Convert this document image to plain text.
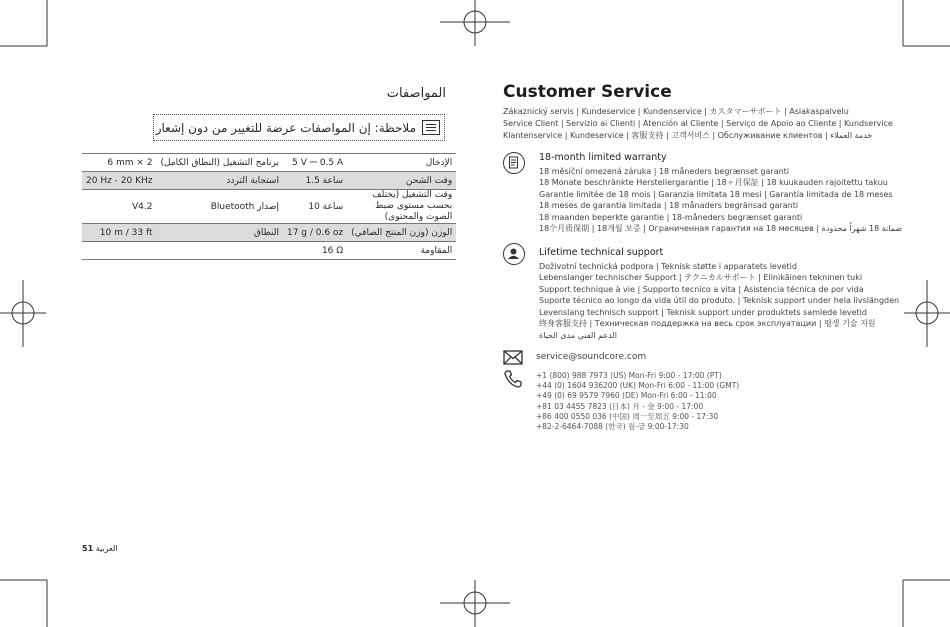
المواصفات
ملاحظة: إن المواصفات عرضة للتغيير من دون إشعار
6 mm × 2	برنامج التشغيل (النطاق الكامل)	5 V ⎓ 0.5 A	الإدخال
20 Hz - 20 KHz	استجابة التردد	1.5 ساعة	وقت الشحن
V4.2	إصدار Bluetooth	10 ساعة	وقت التشغيل (يختلف بحسب مستوى ضبط الصوت والمحتوى)
10 m / 33 ft	النطاق	17 g / 0.6 oz	الوزن (وزن المنتج الصافي)
		16 Ω	المقاومة
51 العربية
Customer Service
Zákaznický servis | Kundeservice | Kundenservice | カスタマーサポート | Asiakaspalvelu
Service Client | Servizio ai Clienti | Atención al Cliente | Serviço de Apoio ao Cliente | Kundservice
Klantenservice | Kundeservice | 客服支持 | 고객서비스 | Обслуживание клиентов | خدمة العملاء
18-month limited warranty
18 měsíční omezená záruka | 18 måneders begrænset garanti
18 Monate beschränkte Herstellergarantie | 18ヶ月保証 | 18 kuukauden rajoitettu takuu
Garantie limitée de 18 mois | Garanzia limitata 18 mesi | Garantía limitada de 18 meses
18 meses de garantia limitada | 18 månaders begränsad garanti
18 maanden beperkte garantie | 18-måneders begrænset garanti
18个月质保期 | 18개월 보증 | Ограниченная гарантия на 18 месяцев | ضمانة 18 شهراً محدودة
Lifetime technical support
Doživotní technická podpora | Teknisk støtte i apparatets levetid
Lebenslanger technischer Support | テクニカルサポート | Elinikäinen tekninen tuki
Support technique à vie | Supporto tecnico a vita | Asistencia técnica de por vida
Suporte técnico ao longo da vida útil do produto. | Teknisk support under hela livslängden
Levenslang technisch support | Teknisk support under produktets samlede levetid
终身客服支持 | Техническая поддержка на весь срок эксплуатации | 평생 기술 지원
الدعم الفني مدى الحياة
service@soundcore.com
+1 (800) 988 7973 (US) Mon-Fri 9:00 - 17:00 (PT)
+44 (0) 1604 936200 (UK) Mon-Fri 6:00 - 11:00 (GMT)
+49 (0) 69 9579 7960 (DE) Mon-Fri 6:00 - 11:00
+81 03 4455 7823 (日本) 月 - 金 9:00 - 17:00
+86 400 0550 036 (中国) 周一至周五 9:00 - 17:30
+82-2-6464-7088 (한국) 월-금 9:00-17:30
